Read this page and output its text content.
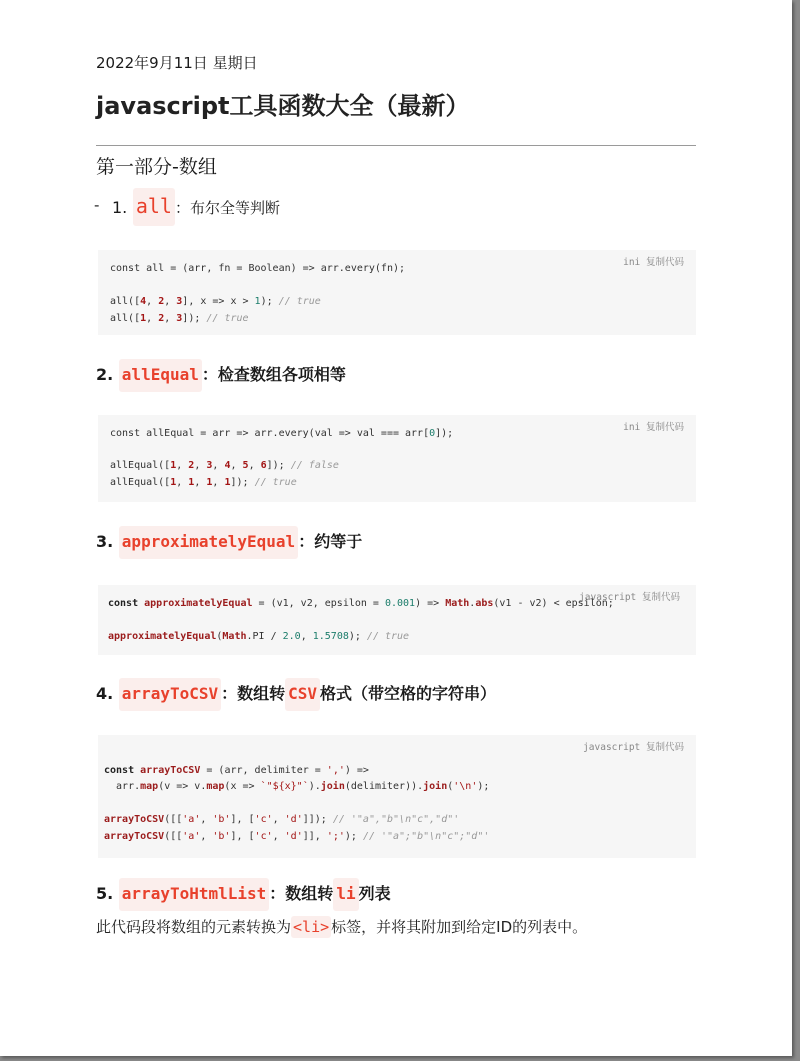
2022年9月11日 星期日
javascript工具函数大全（最新）
第一部分-数组
- 1. all ：布尔全等判断
ini 复制代码
const all = (arr, fn = Boolean) => arr.every(fn);
all([4, 2, 3], x => x > 1); // true
all([1, 2, 3]); // true
2. allEqual ：检查数组各项相等
ini 复制代码
const allEqual = arr => arr.every(val => val === arr[0]);
allEqual([1, 2, 3, 4, 5, 6]); // false
allEqual([1, 1, 1, 1]); // true
3. approximatelyEqual ：约等于
javascript 复制代码
const approximatelyEqual = (v1, v2, epsilon = 0.001) => Math.abs(v1 - v2) < epsilon;
approximatelyEqual(Math.PI / 2.0, 1.5708); // true
4. arrayToCSV ：数组转 CSV 格式（带空格的字符串）
javascript 复制代码
const arrayToCSV = (arr, delimiter = ',') =>
arr.map(v => v.map(x => `"${x}"`).join(delimiter)).join('\n');
arrayToCSV([['a', 'b'], ['c', 'd']]); // '"a","b"\n"c","d"'
arrayToCSV([['a', 'b'], ['c', 'd']], ';'); // '"a";"b"\n"c";"d"'
5. arrayToHtmlList ：数组转 li 列表
此代码段将数组的元素转换为 <li> 标签，并将其附加到给定ID的列表中。
